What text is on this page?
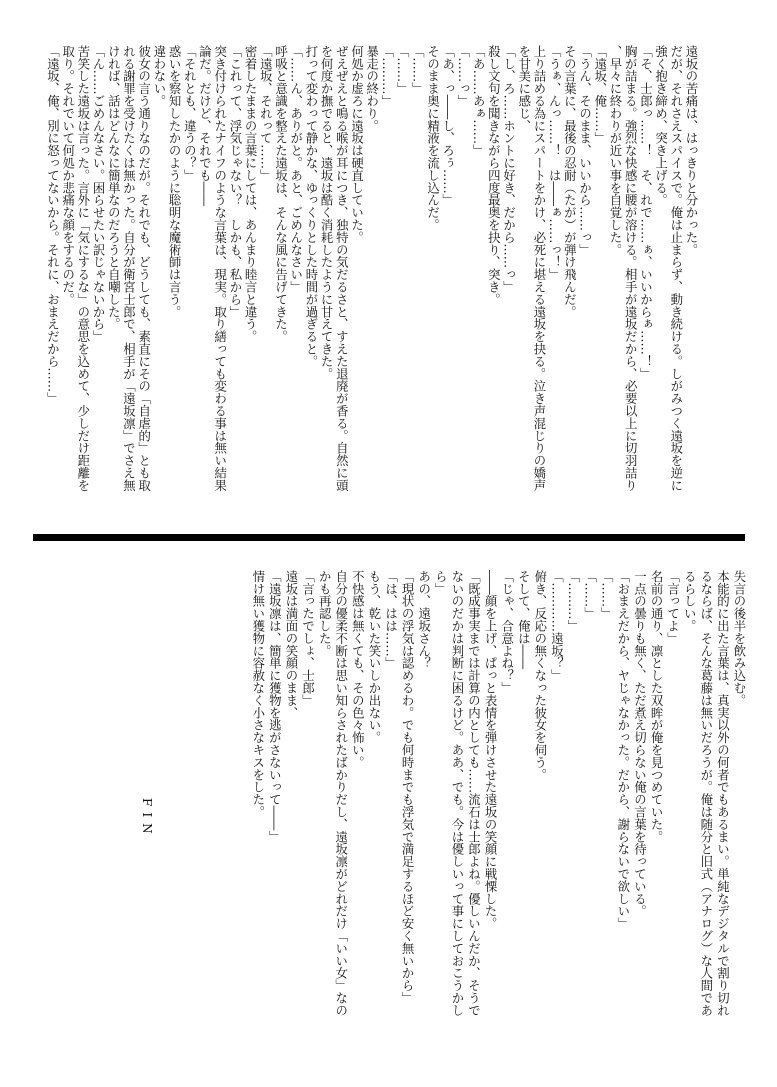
遠坂の苦痛は、はっきりと分かった。
だが、それさえスパイスで。俺は止まらず、動き続ける。しがみつく遠坂を逆に
強く抱き締め、突き上げる。
「そ、士郎っ……！　そ、れで……ぁ、いいからぁ……！」
胸が詰まる。強烈な快感に腰が溶ける。相手が遠坂だから、必要以上に切羽詰り
、早々に終わりが近い事を自覚した。
「遠坂、俺……」
「うん、そのまま、いいから……っ」
その言葉に、最後の忍耐（たが）が弾け飛んだ。
「うぁ、んっ……！　は――ぁ……っ！」
上り詰める為にスパートをかけ、必死に堪える遠坂を抉る。泣き声混じりの嬌声
を甘美に感じ、
「し、ろ……ホントに好き、だから……っ」
殺し文句を聞きながら四度最奥を抉り、突き。
「あ……あぁ……」
「……っ」
「あ、っ――し、ろぅ……」
そのまま奥に精液を流し込んだ。
「……」
「……」
「………」
暴走の終わり。
何処か虚ろに遠坂は硬直していた。
ぜえぜえと鳴る喉が耳につき、独特の気だるさと、すえた退廃が香る。自然に頭
を何度か撫でると、遠坂は酷く消耗したように甘えてきた。
打って変わって静かな、ゆっくりとした時間が過ぎると。
「……ん、ありがと。あと、ごめんなさい」
呼吸と意識を整えた遠坂は、そんな風に告げてきた。
「遠坂、それって……」
密着したままの言葉にしては、あんまり睦言と違う。
「これって、浮気じゃない？　しかも、私から」
突き付けられたナイフのような言葉は、現実。取り繕っても変わる事は無い結果
論だ。だけど、それでも――
「それとも、違うの？」
惑いを察知したかのように聡明な魔術師は言う。
違わない。
彼女の言う通りなのだが。それでも、どうしても、素直にその「自虐的」とも取
れる謝罪を受けたくは無かった。自分が衛宮士郎で、相手が「遠坂凛」でさえ無
ければ、話はどんなに簡単なのだろうと自嘲した。
「ん……ごめんなさい。困らせたい訳じゃないから」
苦笑した遠坂は言った。言外に「気にするな」の意思を込めて、少しだけ距離を
取り。それでいて何処か悲痛な顔をするのだ。
「遠坂、俺、別に怒ってないから。それに、おまえだから……」
失言の後半を飲み込む。
本能的に出た言葉は、真実以外の何者でもあるまい。単純なデジタルで割り切れ
るならば、そんな葛藤は無いだろうが。俺は随分と旧式（アナログ）な人間であ
るらしい。
「言ってよ」
名前の通り、凛とした双眸が俺を見つめていた。
一点の曇りも無く、ただ煮え切らない俺の言葉を待っている。
「おまえだから、ヤじゃなかった。だから、謝らないで欲しい」
「……」
「……」
「………」
「…………遠坂？」
俯き、反応の無くなった彼女を伺う。
そして、俺は――
「じゃ、合意よね？」
――顔を上げ、ぱっと表情を弾けさせた遠坂の笑顔に戦慄した。
「既成事実までは計算の内としても……流石は士郎よね。優しいんだか、そうで
ないのだかは判断に困るけど。ああ、でも。今は優しいって事にしておこうかし
ら」
あの、遠坂さん？
「現状の浮気は認めるわ。でも何時までも浮気で満足するほど安く無いから」
「は、はは……」
もう、乾いた笑いしか出ない。
不快感は無くても、その色々怖い。
自分の優柔不断は思い知らされたばかりだし、遠坂凛がどれだけ「いい女」なの
かも再認した。
「言ったでしょ、士郎」
遠坂は満面の笑顔のまま、
「遠坂凛は、簡単に獲物を逃がさないって――」
情け無い獲物に容赦なく小さなキスをした。
FIN
